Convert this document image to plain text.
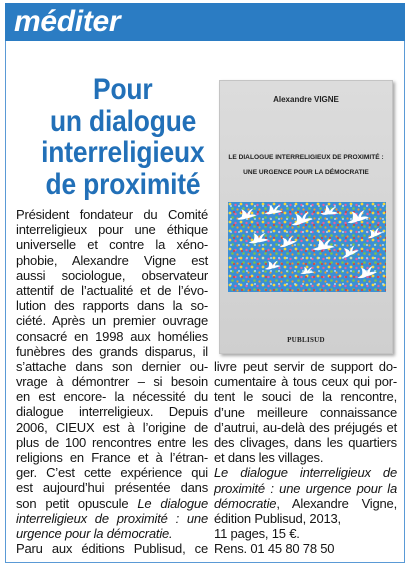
méditer
Pour
un dialogue
interreligieux
de proximité
Alexandre VIGNE
LE DIALOGUE INTERRELIGIEUX DE PROXIMITÉ :
UNE URGENCE POUR LA DÉMOCRATIE
PUBLISUD
Président fondateur du Comité
interreligieux pour une éthique
universelle et contre la xéno-
phobie, Alexandre Vigne est
aussi sociologue, observateur
attentif de l’actualité et de l’évo-
lution des rapports dans la so-
ciété. Après un premier ouvrage
consacré en 1998 aux homélies
funèbres des grands disparus, il
s’attache dans son dernier ou-
vrage à démontrer – si besoin
en est encore- la nécessité du
dialogue interreligieux. Depuis
2006, CIEUX est à l’origine de
plus de 100 rencontres entre les
religions en France et à l’étran-
ger. C’est cette expérience qui
est aujourd’hui présentée dans
son petit opuscule Le dialogue
interreligieux de proximité : une
urgence pour la démocratie.
Paru aux éditions Publisud, ce
livre peut servir de support do-
cumentaire à tous ceux qui por-
tent le souci de la rencontre,
d’une meilleure connaissance
d’autrui, au-delà des préjugés et
des clivages, dans les quartiers
et dans les villages.
Le dialogue interreligieux de
proximité : une urgence pour la
démocratie, Alexandre Vigne,
édition Publisud, 2013,
11 pages, 15 €.
Rens. 01 45 80 78 50
